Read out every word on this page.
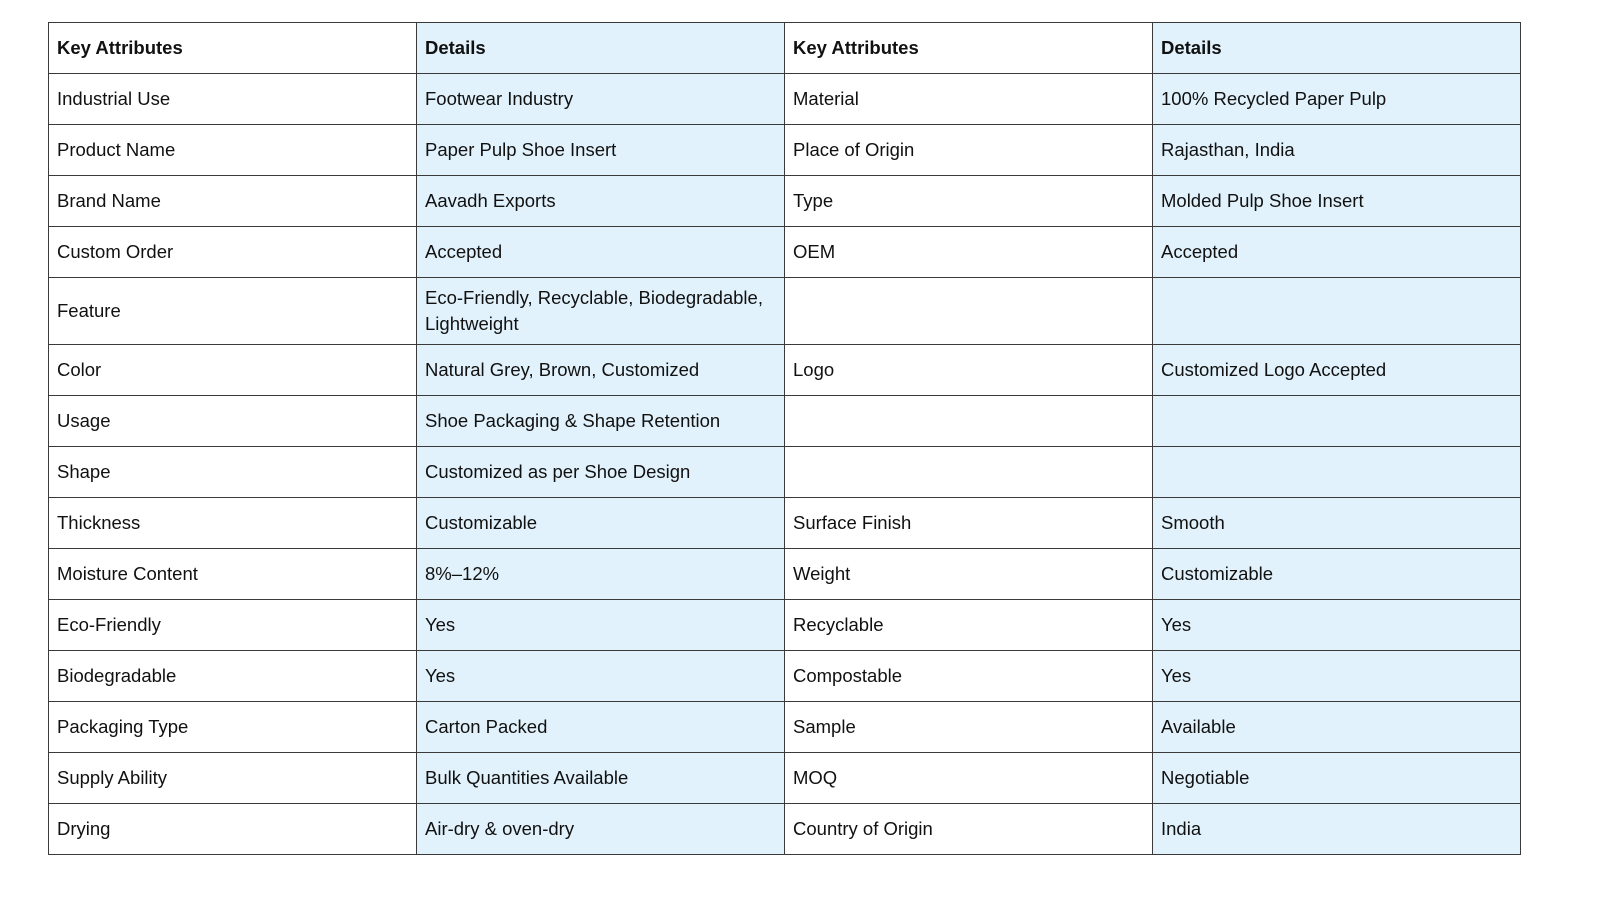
Key Attributes	Details	Key Attributes	Details
Industrial Use	Footwear Industry	Material	100% Recycled Paper Pulp
Product Name	Paper Pulp Shoe Insert	Place of Origin	Rajasthan, India
Brand Name	Aavadh Exports	Type	Molded Pulp Shoe Insert
Custom Order	Accepted	OEM	Accepted
Feature	Eco-Friendly, Recyclable, Biodegradable, Lightweight		
Color	Natural Grey, Brown, Customized	Logo	Customized Logo Accepted
Usage	Shoe Packaging & Shape Retention		
Shape	Customized as per Shoe Design		
Thickness	Customizable	Surface Finish	Smooth
Moisture Content	8%–12%	Weight	Customizable
Eco-Friendly	Yes	Recyclable	Yes
Biodegradable	Yes	Compostable	Yes
Packaging Type	Carton Packed	Sample	Available
Supply Ability	Bulk Quantities Available	MOQ	Negotiable
Drying	Air-dry & oven-dry	Country of Origin	India
